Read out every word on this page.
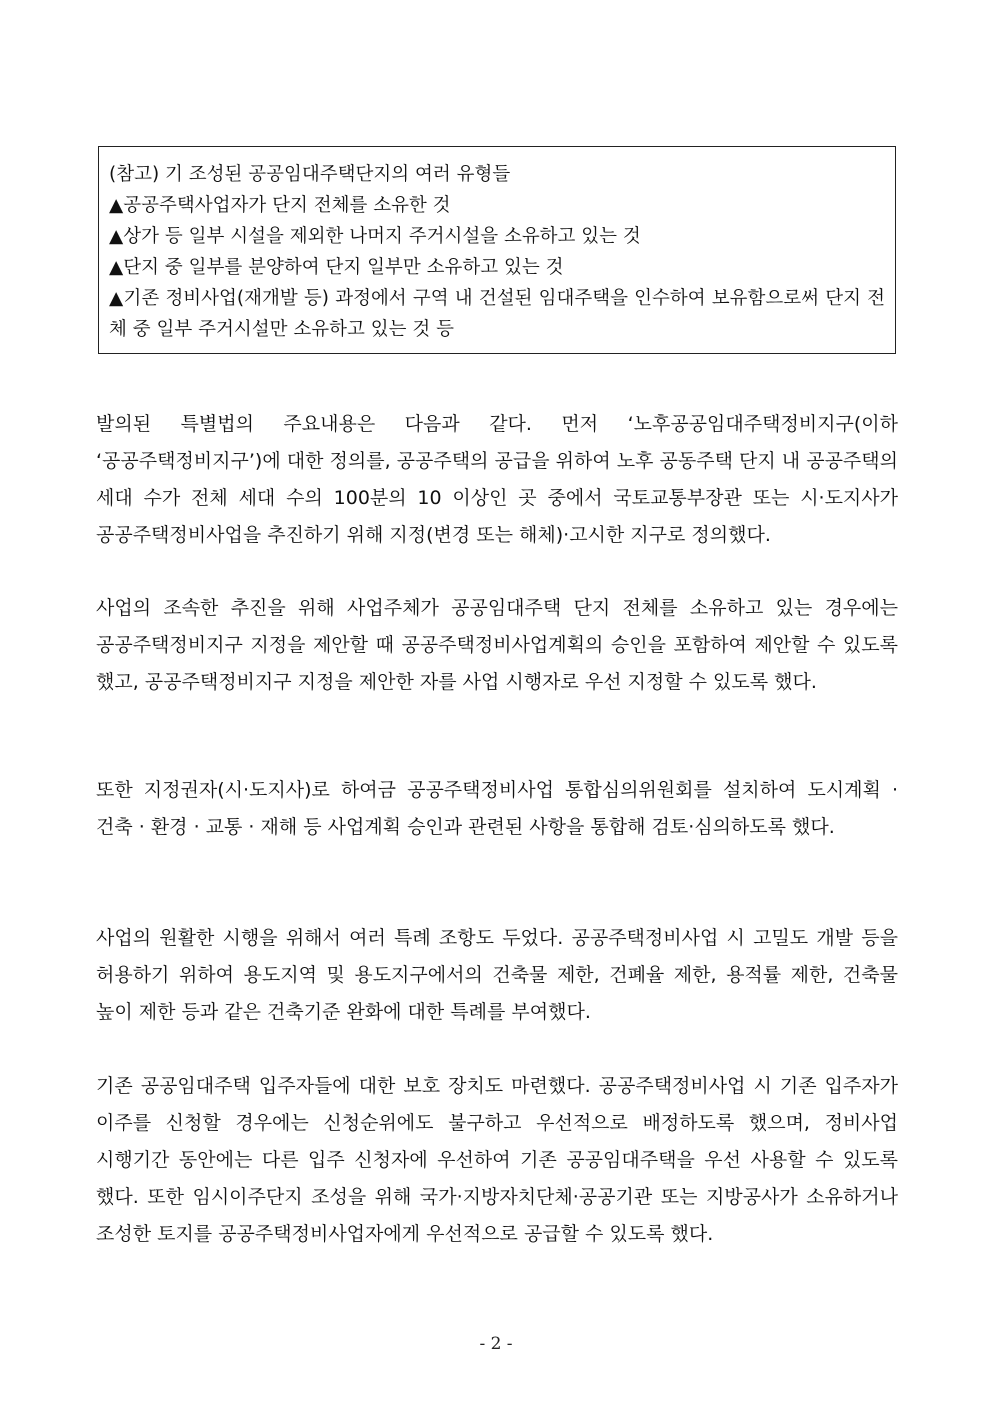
(참고) 기 조성된 공공임대주택단지의 여러 유형들
▲공공주택사업자가 단지 전체를 소유한 것
▲상가 등 일부 시설을 제외한 나머지 주거시설을 소유하고 있는 것
▲단지 중 일부를 분양하여 단지 일부만 소유하고 있는 것
▲기존 정비사업(재개발 등) 과정에서 구역 내 건설된 임대주택을 인수하여 보유함으로써 단지 전체 중 일부 주거시설만 소유하고 있는 것 등

발의된 특별법의 주요내용은 다음과 같다. 먼저 ‘노후공공임대주택정비지구(이하 ‘공공주택정비지구’)에 대한 정의를, 공공주택의 공급을 위하여 노후 공동주택 단지 내 공공주택의 세대 수가 전체 세대 수의 100분의 10 이상인 곳 중에서 국토교통부장관 또는 시·도지사가 공공주택정비사업을 추진하기 위해 지정(변경 또는 해체)·고시한 지구로 정의했다.

사업의 조속한 추진을 위해 사업주체가 공공임대주택 단지 전체를 소유하고 있는 경우에는 공공주택정비지구 지정을 제안할 때 공공주택정비사업계획의 승인을 포함하여 제안할 수 있도록 했고, 공공주택정비지구 지정을 제안한 자를 사업 시행자로 우선 지정할 수 있도록 했다.

또한 지정권자(시·도지사)로 하여금 공공주택정비사업 통합심의위원회를 설치하여 도시계획 · 건축 · 환경 · 교통 · 재해 등 사업계획 승인과 관련된 사항을 통합해 검토·심의하도록 했다.

사업의 원활한 시행을 위해서 여러 특례 조항도 두었다. 공공주택정비사업 시 고밀도 개발 등을 허용하기 위하여 용도지역 및 용도지구에서의 건축물 제한, 건폐율 제한, 용적률 제한, 건축물 높이 제한 등과 같은 건축기준 완화에 대한 특례를 부여했다.

기존 공공임대주택 입주자들에 대한 보호 장치도 마련했다. 공공주택정비사업 시 기존 입주자가 이주를 신청할 경우에는 신청순위에도 불구하고 우선적으로 배정하도록 했으며, 정비사업 시행기간 동안에는 다른 입주 신청자에 우선하여 기존 공공임대주택을 우선 사용할 수 있도록 했다. 또한 임시이주단지 조성을 위해 국가·지방자치단체·공공기관 또는 지방공사가 소유하거나 조성한 토지를 공공주택정비사업자에게 우선적으로 공급할 수 있도록 했다.

- 2 -
